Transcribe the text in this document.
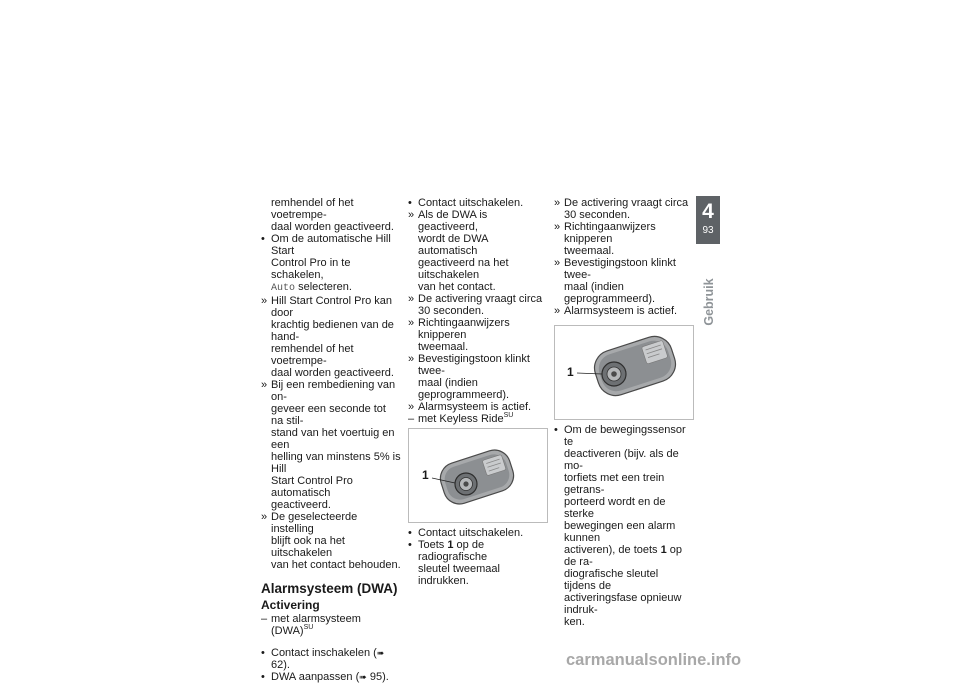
remhendel of het voetrempe-
daal worden geactiveerd.

• Om de automatische Hill Start
Control Pro in te schakelen,
Auto selecteren.

» Hill Start Control Pro kan door
krachtig bedienen van de hand-
remhendel of het voetrempe-
daal worden geactiveerd.

» Bij een rembediening van on-
geveer een seconde tot na stil-
stand van het voertuig en een
helling van minstens 5% is Hill
Start Control Pro automatisch
geactiveerd.

» De geselecteerde instelling
blijft ook na het uitschakelen
van het contact behouden.

Alarmsysteem (DWA)
Activering

– met alarmsysteem (DWA)$^{SU}$

• Contact inschakelen (➠ 62).

• DWA aanpassen (➠ 95).

• Contact uitschakelen.

» Als de DWA is geactiveerd,
wordt de DWA automatisch
geactiveerd na het uitschakelen
van het contact.

» De activering vraagt circa
30 seconden.

» Richtingaanwijzers knipperen
tweemaal.

» Bevestigingstoon klinkt twee-
maal (indien geprogrammeerd).

» Alarmsysteem is actief.

– met Keyless Ride$^{SU}$

1

• Contact uitschakelen.

• Toets 1 op de radiografische
sleutel tweemaal indrukken.

» De activering vraagt circa
30 seconden.

» Richtingaanwijzers knipperen
tweemaal.

» Bevestigingstoon klinkt twee-
maal (indien geprogrammeerd).

» Alarmsysteem is actief.

1

• Om de bewegingssensor te
deactiveren (bijv. als de mo-
torfiets met een trein getrans-
porteerd wordt en de sterke
bewegingen een alarm kunnen
activeren), de toets 1 op de ra-
diografische sleutel tijdens de
activeringsfase opnieuw indruk-
ken.

4
93
Gebruik
carmanualsonline.info
